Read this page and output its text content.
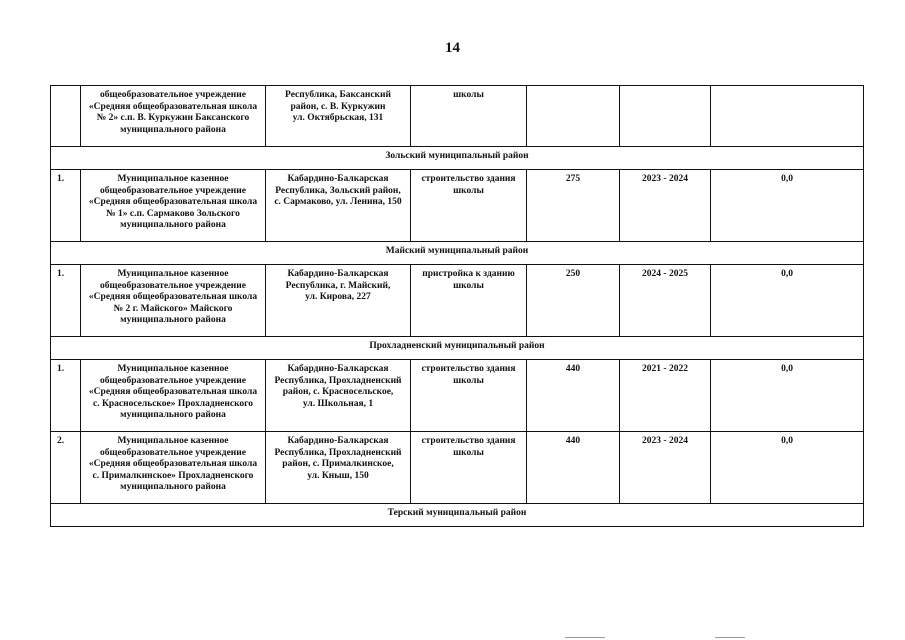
14

	общеобразовательное учреждение
«Средняя общеобразовательная школа
№ 2» с.п. В. Куркужин Баксанского
муниципального района	Республика, Баксанский
район, с. В. Куркужин
ул. Октябрьская, 131	школы			

Зольский муниципальный район						
1.	Муниципальное казенное
общеобразовательное учреждение
«Средняя общеобразовательная школа
№ 1» с.п. Сармаково Зольского
муниципального района	Кабардино-Балкарская
Республика, Зольский район,
с. Сармаково, ул. Ленина, 150	строительство здания
школы	275	2023 - 2024	0,0
Майский муниципальный район						
1.	Муниципальное казенное
общеобразовательное учреждение
«Средняя общеобразовательная школа
№ 2 г. Майского» Майского
муниципального района	Кабардино-Балкарская
Республика, г. Майский,
ул. Кирова, 227	пристройка к зданию
школы	250	2024 - 2025	0,0
Прохладненский муниципальный район						
1.	Муниципальное казенное
общеобразовательное учреждение
«Средняя общеобразовательная школа
с. Красносельское» Прохладненского
муниципального района	Кабардино-Балкарская
Республика, Прохладненский
район, с. Красносельское,
ул. Школьная, 1	строительство здания
школы	440	2021 - 2022	0,0
2.	Муниципальное казенное
общеобразовательное учреждение
«Средняя общеобразовательная школа
с. Прималкинское» Прохладненского
муниципального района	Кабардино-Балкарская
Республика, Прохладненский
район, с. Прималкинское,
ул. Кныш, 150	строительство здания
школы	440	2023 - 2024	0,0
Терский муниципальный район						
